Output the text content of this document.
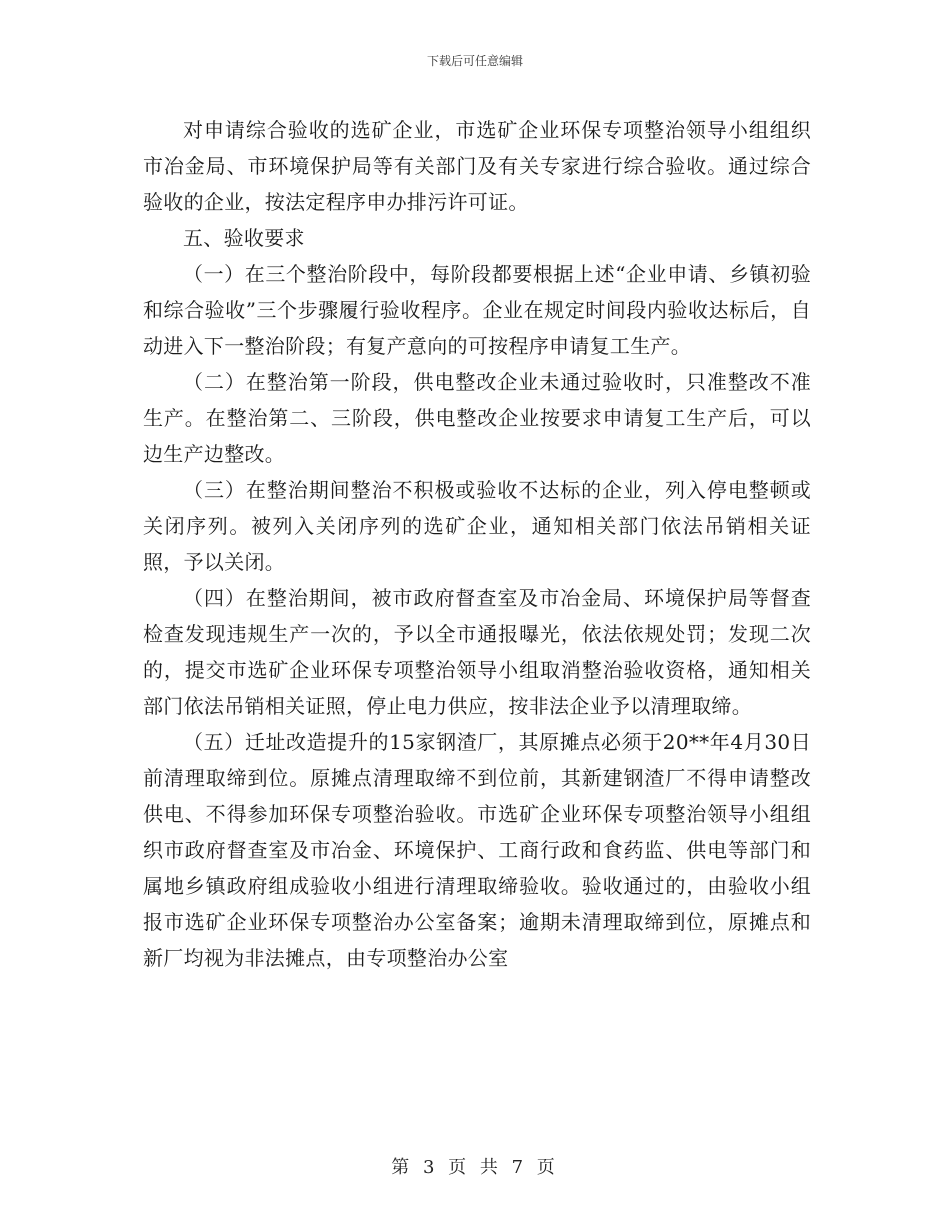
下载后可任意编辑

对申请综合验收的选矿企业，市选矿企业环保专项整治领导小组组织市冶金局、市环境保护局等有关部门及有关专家进行综合验收。通过综合验收的企业，按法定程序申办排污许可证。

五、验收要求

（一）在三个整治阶段中，每阶段都要根据上述“企业申请、乡镇初验和综合验收”三个步骤履行验收程序。企业在规定时间段内验收达标后，自动进入下一整治阶段；有复产意向的可按程序申请复工生产。

（二）在整治第一阶段，供电整改企业未通过验收时，只准整改不准生产。在整治第二、三阶段，供电整改企业按要求申请复工生产后，可以边生产边整改。

（三）在整治期间整治不积极或验收不达标的企业，列入停电整顿或关闭序列。被列入关闭序列的选矿企业，通知相关部门依法吊销相关证照，予以关闭。

（四）在整治期间，被市政府督查室及市冶金局、环境保护局等督查检查发现违规生产一次的，予以全市通报曝光，依法依规处罚；发现二次的，提交市选矿企业环保专项整治领导小组取消整治验收资格，通知相关部门依法吊销相关证照，停止电力供应，按非法企业予以清理取缔。

（五）迁址改造提升的15家钢渣厂，其原摊点必须于20**年4月30日前清理取缔到位。原摊点清理取缔不到位前，其新建钢渣厂不得申请整改供电、不得参加环保专项整治验收。市选矿企业环保专项整治领导小组组织市政府督查室及市冶金、环境保护、工商行政和食药监、供电等部门和属地乡镇政府组成验收小组进行清理取缔验收。验收通过的，由验收小组报市选矿企业环保专项整治办公室备案；逾期未清理取缔到位，原摊点和新厂均视为非法摊点，由专项整治办公室

第 3 页 共 7 页
